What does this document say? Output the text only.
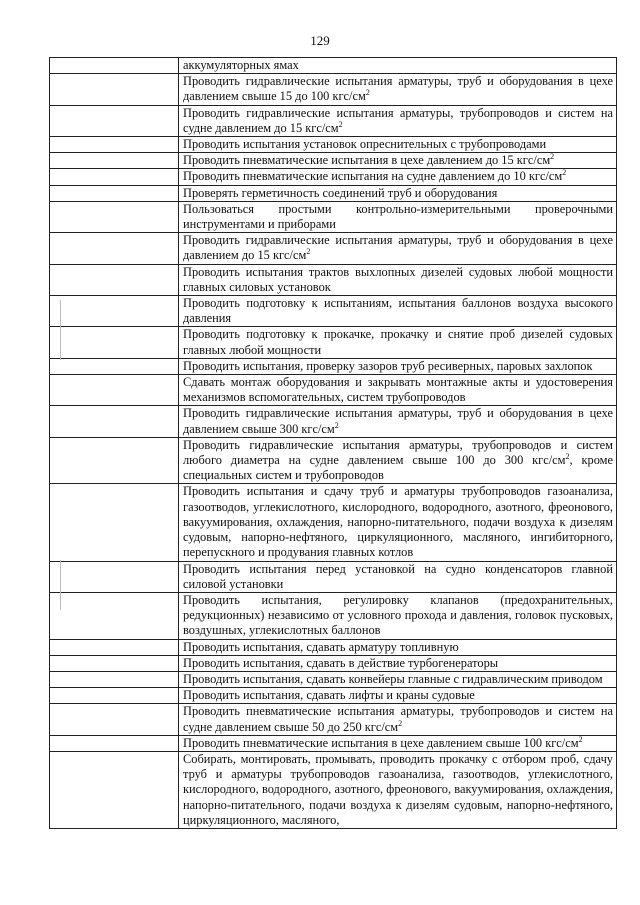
129

	аккумуляторных ямах

	Проводить гидравлические испытания арматуры, труб и оборудования в цехе давлением свыше 15 до 100 кгс/$см^2$

	Проводить гидравлические испытания арматуры, трубопроводов и систем на судне давлением до 15 кгс/$см^2$

	Проводить испытания установок опреснительных с трубопроводами

	Проводить пневматические испытания в цехе давлением до 15 кгс/$см^2$

	Проводить пневматические испытания на судне давлением до 10 кгс/$см^2$

	Проверять герметичность соединений труб и оборудования

	Пользоваться простыми контрольно-измерительными проверочными инструментами и приборами

	Проводить гидравлические испытания арматуры, труб и оборудования в цехе давлением до 15 кгс/$см^2$

	Проводить испытания трактов выхлопных дизелей судовых любой мощности главных силовых установок

	Проводить подготовку к испытаниям, испытания баллонов воздуха высокого давления

	Проводить подготовку к прокачке, прокачку и снятие проб дизелей судовых главных любой мощности

	Проводить испытания, проверку зазоров труб ресиверных, паровых захлопок

	Сдавать монтаж оборудования и закрывать монтажные акты и удостоверения механизмов вспомогательных, систем трубопроводов

	Проводить гидравлические испытания арматуры, труб и оборудования в цехе давлением свыше 300 кгс/$см^2$

	Проводить гидравлические испытания арматуры, трубопроводов и систем любого диаметра на судне давлением свыше 100 до 300 кгс/$см^2$, кроме специальных систем и трубопроводов

	Проводить испытания и сдачу труб и арматуры трубопроводов газоанализа, газоотводов, углекислотного, кислородного, водородного, азотного, фреонового, вакуумирования, охлаждения, напорно-питательного, подачи воздуха к дизелям судовым, напорно-нефтяного, циркуляционного, масляного, ингибиторного, перепускного и продувания главных котлов

	Проводить испытания перед установкой на судно конденсаторов главной силовой установки

	Проводить испытания, регулировку клапанов (предохранительных, редукционных) независимо от условного прохода и давления, головок пусковых, воздушных, углекислотных баллонов

	Проводить испытания, сдавать арматуру топливную

	Проводить испытания, сдавать в действие турбогенераторы

	Проводить испытания, сдавать конвейеры главные с гидравлическим приводом

	Проводить испытания, сдавать лифты и краны судовые

	Проводить пневматические испытания арматуры, трубопроводов и систем на судне давлением свыше 50 до 250 кгс/$см^2$

	Проводить пневматические испытания в цехе давлением свыше 100 кгс/$см^2$

	Собирать, монтировать, промывать, проводить прокачку с отбором проб, сдачу труб и арматуры трубопроводов газоанализа, газоотводов, углекислотного, кислородного, водородного, азотного, фреонового, вакуумирования, охлаждения, напорно-питательного, подачи воздуха к дизелям судовым, напорно-нефтяного, циркуляционного, масляного,
